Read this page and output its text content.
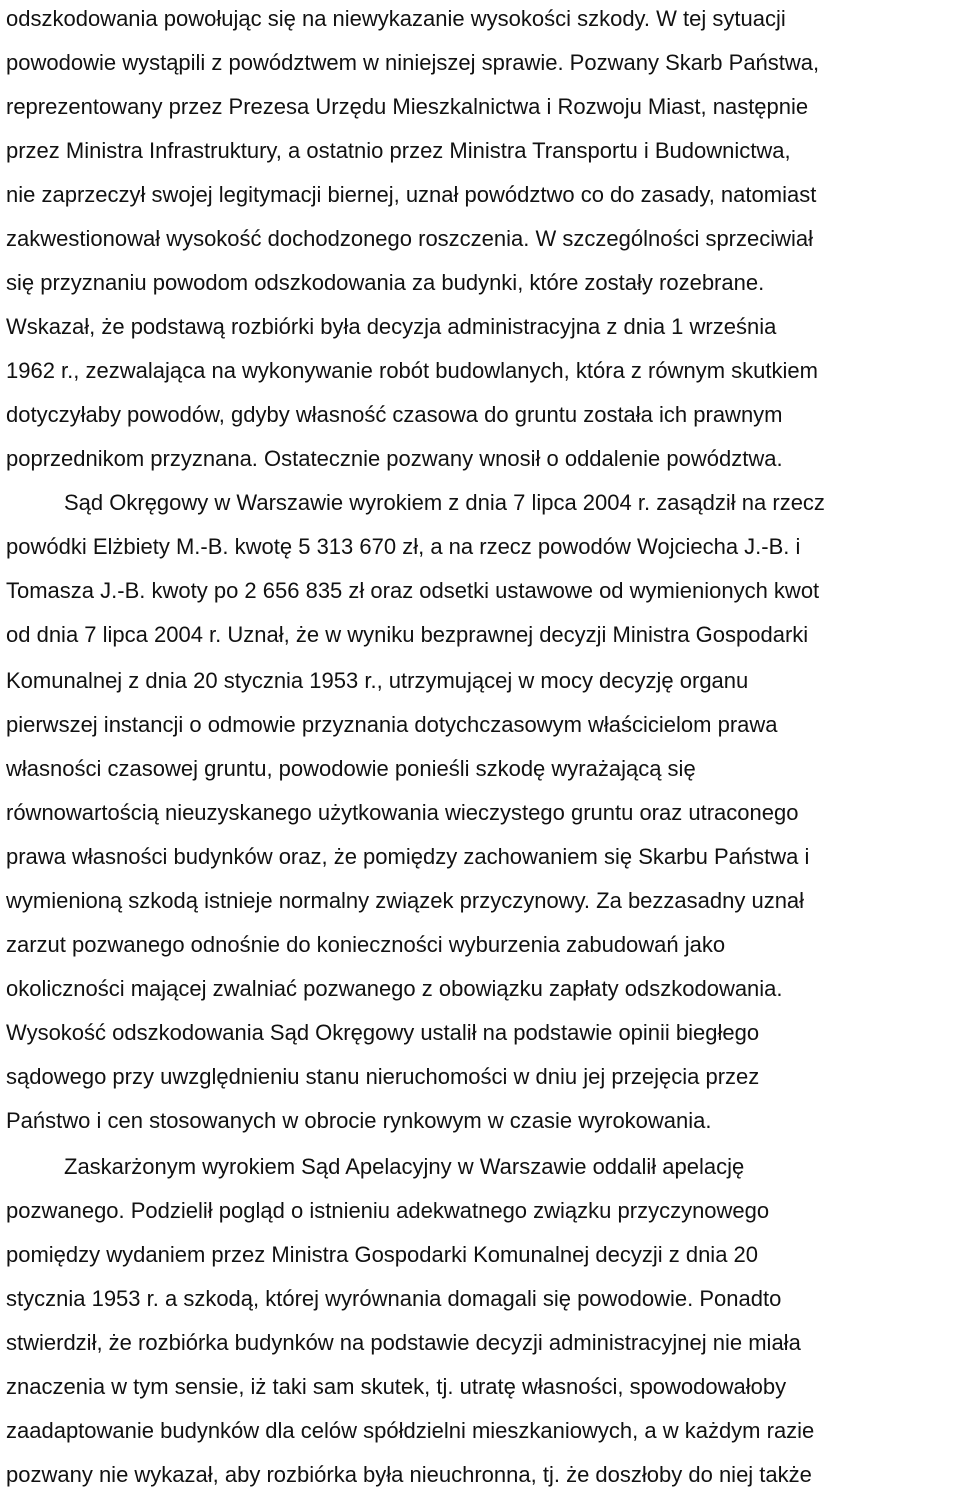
odszkodowania powołując się na niewykazanie wysokości szkody. W tej sytuacji
powodowie wystąpili z powództwem w niniejszej sprawie. Pozwany Skarb Państwa,
reprezentowany przez Prezesa Urzędu Mieszkalnictwa i Rozwoju Miast, następnie
przez Ministra Infrastruktury, a ostatnio przez Ministra Transportu i Budownictwa,
nie zaprzeczył swojej legitymacji biernej, uznał powództwo co do zasady, natomiast
zakwestionował wysokość dochodzonego roszczenia. W szczególności sprzeciwiał
się przyznaniu powodom odszkodowania za budynki, które zostały rozebrane.
Wskazał, że podstawą rozbiórki była decyzja administracyjna z dnia 1 września
1962 r., zezwalająca na wykonywanie robót budowlanych, która z równym skutkiem
dotyczyłaby powodów, gdyby własność czasowa do gruntu została ich prawnym
poprzednikom przyznana. Ostatecznie pozwany wnosił o oddalenie powództwa.
Sąd Okręgowy w Warszawie wyrokiem z dnia 7 lipca 2004 r. zasądził na rzecz
powódki Elżbiety M.-B. kwotę 5 313 670 zł, a na rzecz powodów Wojciecha J.-B. i
Tomasza J.-B. kwoty po 2 656 835 zł oraz odsetki ustawowe od wymienionych kwot
od dnia 7 lipca 2004 r. Uznał, że w wyniku bezprawnej decyzji Ministra Gospodarki
Komunalnej z dnia 20 stycznia 1953 r., utrzymującej w mocy decyzję organu
pierwszej instancji o odmowie przyznania dotychczasowym właścicielom prawa
własności czasowej gruntu, powodowie ponieśli szkodę wyrażającą się
równowartością nieuzyskanego użytkowania wieczystego gruntu oraz utraconego
prawa własności budynków oraz, że pomiędzy zachowaniem się Skarbu Państwa i
wymienioną szkodą istnieje normalny związek przyczynowy. Za bezzasadny uznał
zarzut pozwanego odnośnie do konieczności wyburzenia zabudowań jako
okoliczności mającej zwalniać pozwanego z obowiązku zapłaty odszkodowania.
Wysokość odszkodowania Sąd Okręgowy ustalił na podstawie opinii biegłego
sądowego przy uwzględnieniu stanu nieruchomości w dniu jej przejęcia przez
Państwo i cen stosowanych w obrocie rynkowym w czasie wyrokowania.
Zaskarżonym wyrokiem Sąd Apelacyjny w Warszawie oddalił apelację
pozwanego. Podzielił pogląd o istnieniu adekwatnego związku przyczynowego
pomiędzy wydaniem przez Ministra Gospodarki Komunalnej decyzji z dnia 20
stycznia 1953 r. a szkodą, której wyrównania domagali się powodowie. Ponadto
stwierdził, że rozbiórka budynków na podstawie decyzji administracyjnej nie miała
znaczenia w tym sensie, iż taki sam skutek, tj. utratę własności, spowodowałoby
zaadaptowanie budynków dla celów spółdzielni mieszkaniowych, a w każdym razie
pozwany nie wykazał, aby rozbiórka była nieuchronna, tj. że doszłoby do niej także
